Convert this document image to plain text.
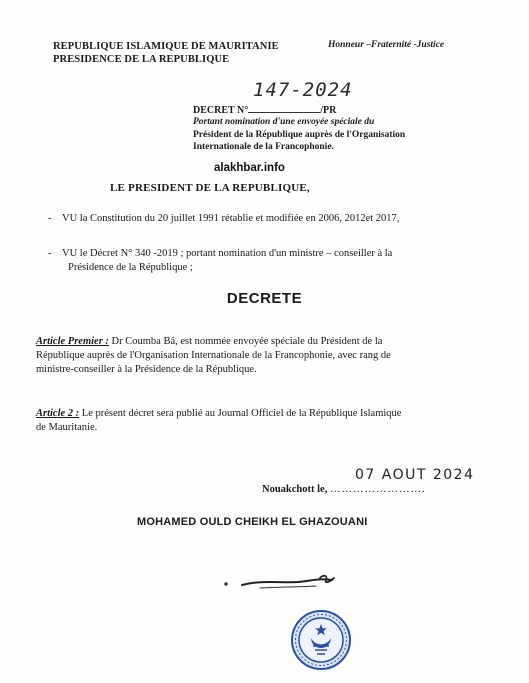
REPUBLIQUE ISLAMIQUE DE MAURITANIE
PRESIDENCE DE LA REPUBLIQUE
Honneur –Fraternité -Justice
147-2024
DECRET N°	/PR
Portant nomination d'une envoyée spéciale du
Président de la République auprès de l'Organisation
Internationale de la Francophonie.
alakhbar.info
LE PRESIDENT DE LA REPUBLIQUE,
- VU la Constitution du 20 juillet 1991 rétablie et modifiée en 2006, 2012et 2017,
- VU le Décret N° 340 -2019 ; portant nomination d'un ministre – conseiller à la
Présidence de la République ;
DECRETE
Article Premier : Dr Coumba Bâ, est nommée envoyée spéciale du Président de la
République auprès de l'Organisation Internationale de la Francophonie, avec rang de
ministre-conseiller à la Présidence de la République.
Article 2 : Le présent décret sera publié au Journal Officiel de la République Islamique
de Mauritanie.
07 AOUT 2024
Nouakchott le, …………………….
MOHAMED OULD CHEIKH EL GHAZOUANI
